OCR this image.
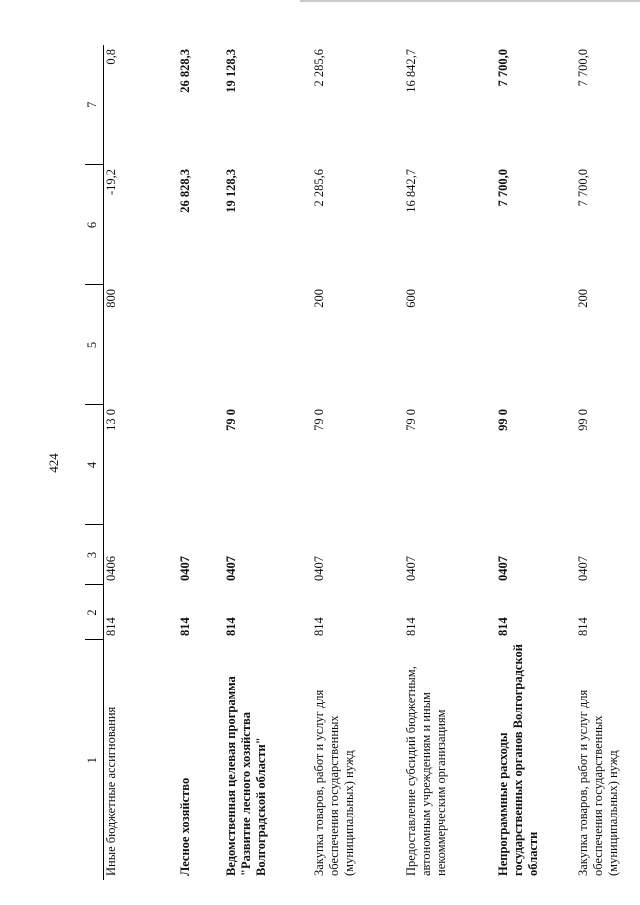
424
1	2	3	4	5	6	7
Иные бюджетные ассигнования	814	0406	13 0	800	-19,2	0,8
Лесное хозяйство	814	0407			26 828,3	26 828,3
Ведомственная целевая программа "Развитие лесного хозяйства Волгоградской области"	814	0407	79 0		19 128,3	19 128,3
Закупка товаров, работ и услуг для обеспечения государственных (муниципальных) нужд	814	0407	79 0	200	2 285,6	2 285,6
Предоставление субсидий бюджетным, автономным учреждениям и иным некоммерческим организациям	814	0407	79 0	600	16 842,7	16 842,7
Непрограммные расходы государственных органов Волгоградской области	814	0407	99 0		7 700,0	7 700,0
Закупка товаров, работ и услуг для обеспечения государственных (муниципальных) нужд	814	0407	99 0	200	7 700,0	7 700,0
